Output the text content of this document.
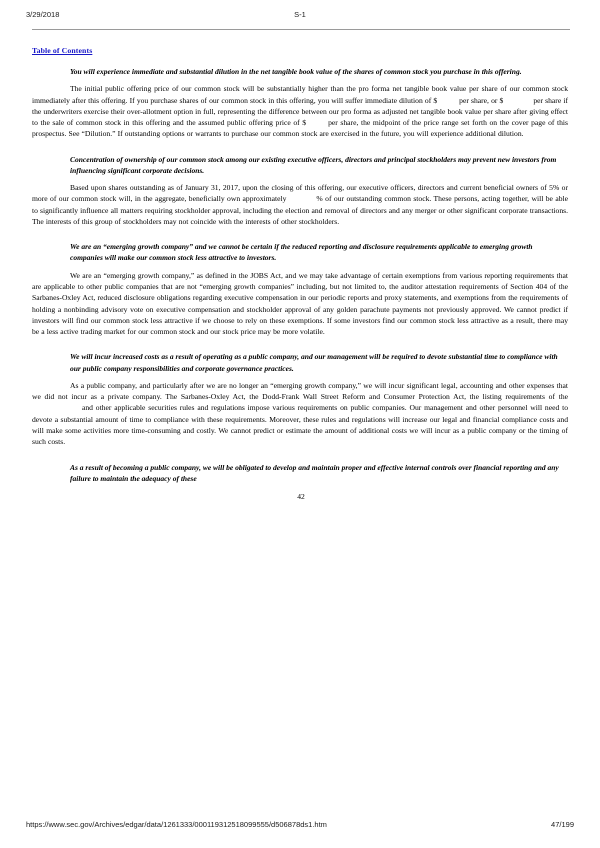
3/29/2018	S-1
Table of Contents

You will experience immediate and substantial dilution in the net tangible book value of the shares of common stock you purchase in this offering.

The initial public offering price of our common stock will be substantially higher than the pro forma net tangible book value per share of our common stock immediately after this offering. If you purchase shares of our common stock in this offering, you will suffer immediate dilution of $	per share, or $	per share if the underwriters exercise their over-allotment option in full, representing the difference between our pro forma as adjusted net tangible book value per share after giving effect to the sale of common stock in this offering and the assumed public offering price of $	per share, the midpoint of the price range set forth on the cover page of this prospectus. See “Dilution.” If outstanding options or warrants to purchase our common stock are exercised in the future, you will experience additional dilution.

Concentration of ownership of our common stock among our existing executive officers, directors and principal stockholders may prevent new investors from influencing significant corporate decisions.

Based upon shares outstanding as of January 31, 2017, upon the closing of this offering, our executive officers, directors and current beneficial owners of 5% or more of our common stock will, in the aggregate, beneficially own approximately	% of our outstanding common stock. These persons, acting together, will be able to significantly influence all matters requiring stockholder approval, including the election and removal of directors and any merger or other significant corporate transactions. The interests of this group of stockholders may not coincide with the interests of other stockholders.

We are an “emerging growth company” and we cannot be certain if the reduced reporting and disclosure requirements applicable to emerging growth companies will make our common stock less attractive to investors.

We are an “emerging growth company,” as defined in the JOBS Act, and we may take advantage of certain exemptions from various reporting requirements that are applicable to other public companies that are not “emerging growth companies” including, but not limited to, the auditor attestation requirements of Section 404 of the Sarbanes-Oxley Act, reduced disclosure obligations regarding executive compensation in our periodic reports and proxy statements, and exemptions from the requirements of holding a nonbinding advisory vote on executive compensation and stockholder approval of any golden parachute payments not previously approved. We cannot predict if investors will find our common stock less attractive if we choose to rely on these exemptions. If some investors find our common stock less attractive as a result, there may be a less active trading market for our common stock and our stock price may be more volatile.

We will incur increased costs as a result of operating as a public company, and our management will be required to devote substantial time to compliance with our public company responsibilities and corporate governance practices.

As a public company, and particularly after we are no longer an “emerging growth company,” we will incur significant legal, accounting and other expenses that we did not incur as a private company. The Sarbanes-Oxley Act, the Dodd-Frank Wall Street Reform and Consumer Protection Act, the listing requirements of theand other applicable securities rules and regulations impose various requirements on public companies. Our management and other personnel will need to devote a substantial amount of time to compliance with these requirements. Moreover, these rules and regulations will increase our legal and financial compliance costs and will make some activities more time-consuming and costly. We cannot predict or estimate the amount of additional costs we will incur as a public company or the timing of such costs.

As a result of becoming a public company, we will be obligated to develop and maintain proper and effective internal controls over financial reporting and any failure to maintain the adequacy of these

42
https://www.sec.gov/Archives/edgar/data/1261333/000119312518099555/d506878ds1.htm	47/199
